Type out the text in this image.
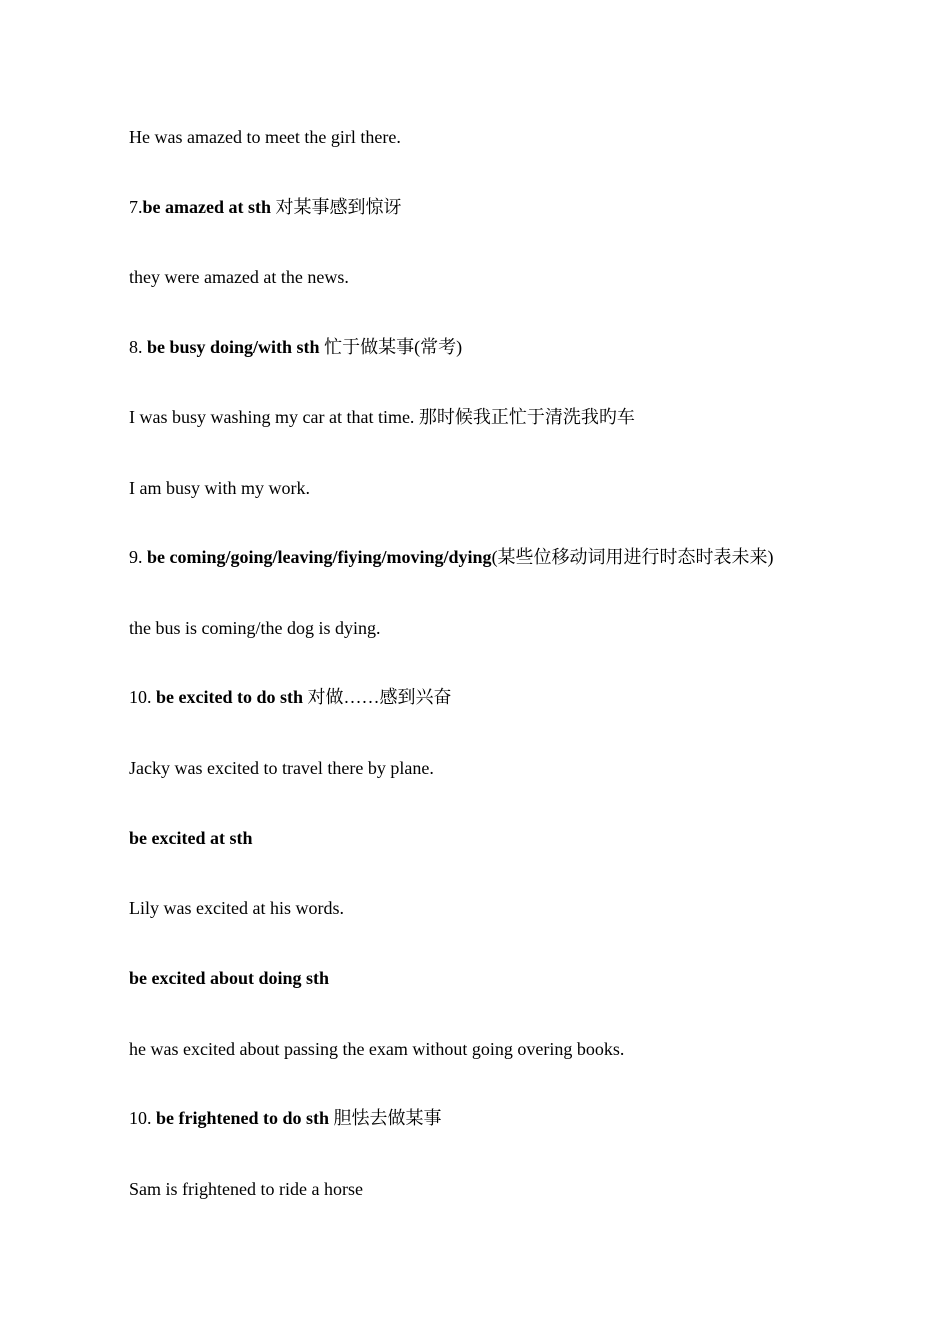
He was amazed to meet the girl there.
7.be amazed at sth 对某事感到惊讶
they were amazed at the news.
8. be busy doing/with sth 忙于做某事(常考)
I was busy washing my car at that time. 那时候我正忙于清洗我旳车
I am busy with my work.
9. be coming/going/leaving/fiying/moving/dying(某些位移动词用进行时态时表未来)
the bus is coming/the dog is dying.
10. be excited to do sth 对做……感到兴奋
Jacky was excited to travel there by plane.
be excited at sth
Lily was excited at his words.
be excited about doing sth
he was excited about passing the exam without going overing books.
10. be frightened to do sth 胆怯去做某事
Sam is frightened to ride a horse
